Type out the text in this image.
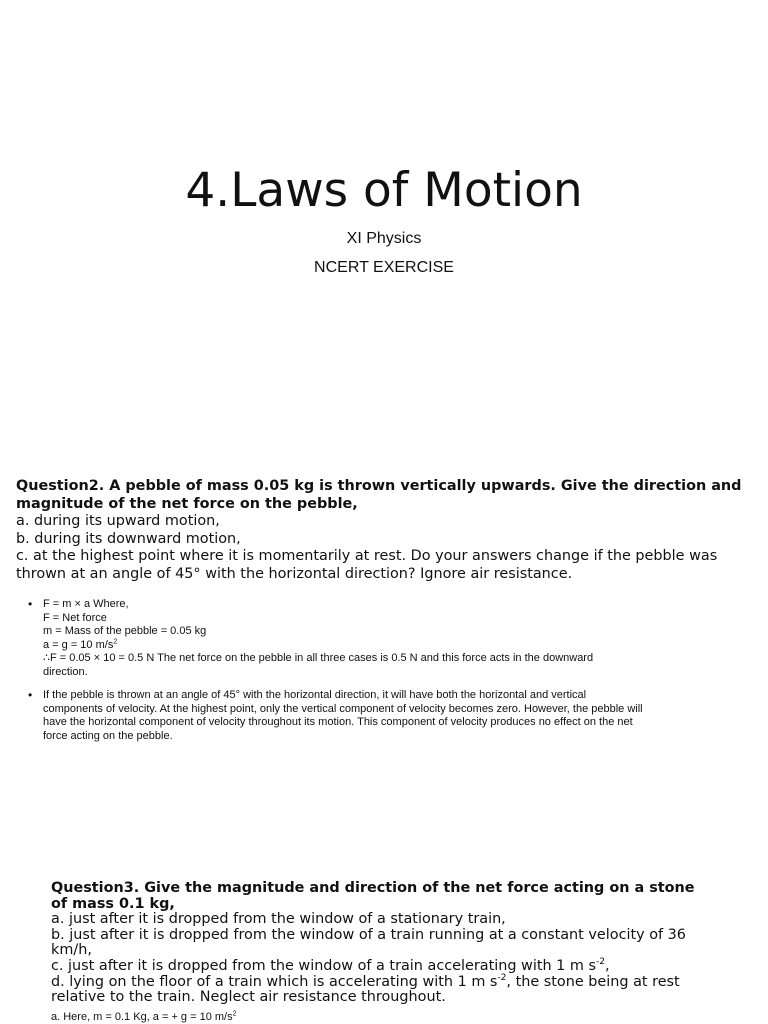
4.Laws of Motion

XI Physics

NCERT EXERCISE

Question2. A pebble of mass 0.05 kg is thrown vertically upwards. Give the direction and magnitude of the net force on the pebble,
a. during its upward motion,
b. during its downward motion,
c. at the highest point where it is momentarily at rest. Do your answers change if the pebble was thrown at an angle of 45° with the horizontal direction? Ignore air resistance.
• F = m × a Where,
F = Net force
m = Mass of the pebble = 0.05 kg
a = g = 10 $m/s^2$
∴F = 0.05 × 10 = 0.5 N The net force on the pebble in all three cases is 0.5 N and this force acts in the downward direction.
• If the pebble is thrown at an angle of 45° with the horizontal direction, it will have both the horizontal and vertical components of velocity. At the highest point, only the vertical component of velocity becomes zero. However, the pebble will have the horizontal component of velocity throughout its motion. This component of velocity produces no effect on the net force acting on the pebble.
Question3. Give the magnitude and direction of the net force acting on a stone of mass 0.1 kg,
a. just after it is dropped from the window of a stationary train,
b. just after it is dropped from the window of a train running at a constant velocity of 36 km/h,
c. just after it is dropped from the window of a train accelerating with 1 m $s^{-2}$,
d. lying on the floor of a train which is accelerating with 1 m $s^{-2}$, the stone being at rest relative to the train. Neglect air resistance throughout.
a. Here, m = 0.1 Kg, a = + g = 10 $m/s^2$
